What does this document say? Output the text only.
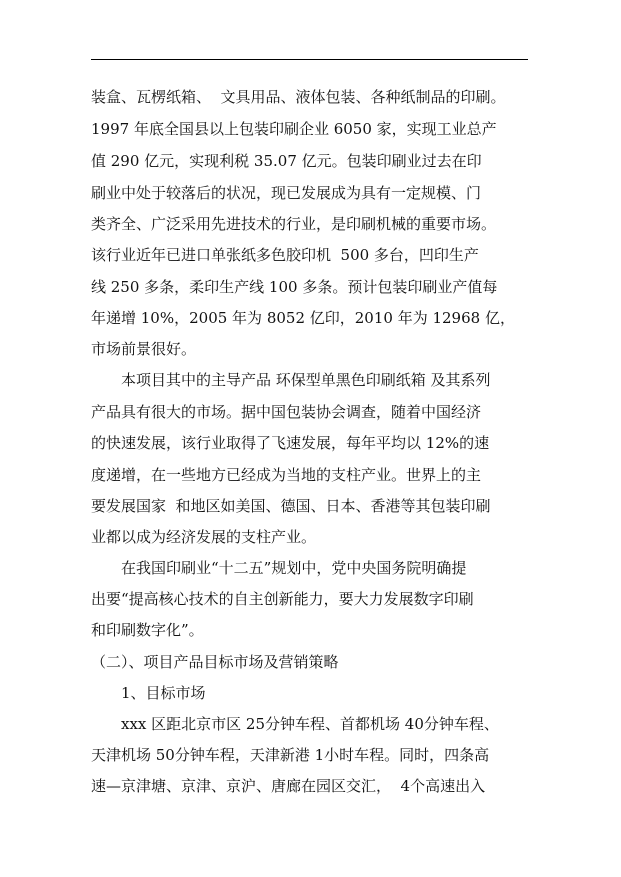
装盒、瓦楞纸箱、  文具用品、液体包装、各种纸制品的印刷。
1997 年底全国县以上包装印刷企业 6050 家，实现工业总产
值 290 亿元，实现利税 35.07 亿元。包装印刷业过去在印
刷业中处于较落后的状况，现已发展成为具有一定规模、门
类齐全、广泛采用先进技术的行业，是印刷机械的重要市场。
该行业近年已进口单张纸多色胶印机  500 多台，凹印生产
线 250 多条，柔印生产线 100 多条。预计包装印刷业产值每
年递增 10%，2005 年为 8052 亿印，2010 年为 12968 亿，
市场前景很好。
本项目其中的主导产品 环保型单黑色印刷纸箱 及其系列
产品具有很大的市场。据中国包装协会调查，随着中国经济
的快速发展，该行业取得了飞速发展，每年平均以 12%的速
度递增，在一些地方已经成为当地的支柱产业。世界上的主
要发展国家  和地区如美国、德国、日本、香港等其包装印刷
业都以成为经济发展的支柱产业。
在我国印刷业“十二五”规划中，党中央国务院明确提
出要“提高核心技术的自主创新能力，要大力发展数字印刷
和印刷数字化”。
（二）、项目产品目标市场及营销策略
1、目标市场
xxx 区距北京市区 25分钟车程、首都机场 40分钟车程、
天津机场 50分钟车程，天津新港 1小时车程。同时，四条高
速—京津塘、京津、京沪、唐廊在园区交汇，  4个高速出入
